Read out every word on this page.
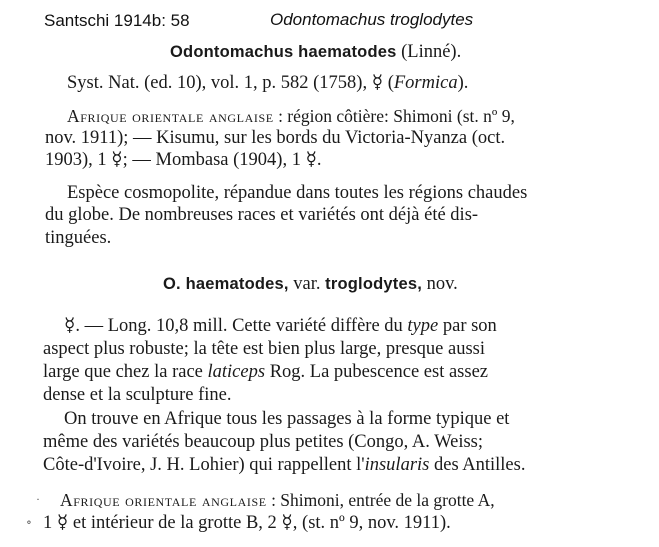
Santschi 1914b: 58	Odontomachus troglodytes
Odontomachus haematodes (Linné).
Syst. Nat. (ed. 10), vol. 1, p. 582 (1758), ☿ (Formica).
Afrique orientale anglaise : région côtière: Shimoni (st. nº 9,
nov. 1911); — Kisumu, sur les bords du Victoria-Nyanza (oct.
1903), 1 ☿; — Mombasa (1904), 1 ☿.
Espèce cosmopolite, répandue dans toutes les régions chaudes
du globe. De nombreuses races et variétés ont déjà été dis-
tinguées.
O. haematodes, var. troglodytes, nov.
☿. — Long. 10,8 mill. Cette variété diffère du type par son
aspect plus robuste; la tête est bien plus large, presque aussi
large que chez la race laticeps Rog. La pubescence est assez
dense et la sculpture fine.
On trouve en Afrique tous les passages à la forme typique et
même des variétés beaucoup plus petites (Congo, A. Weiss;
Côte-d'Ivoire, J. H. Lohier) qui rappellent l'insularis des Antilles.
Afrique orientale anglaise : Shimoni, entrée de la grotte A,
1 ☿ et intérieur de la grotte B, 2 ☿, (st. nº 9, nov. 1911).
·
∘
